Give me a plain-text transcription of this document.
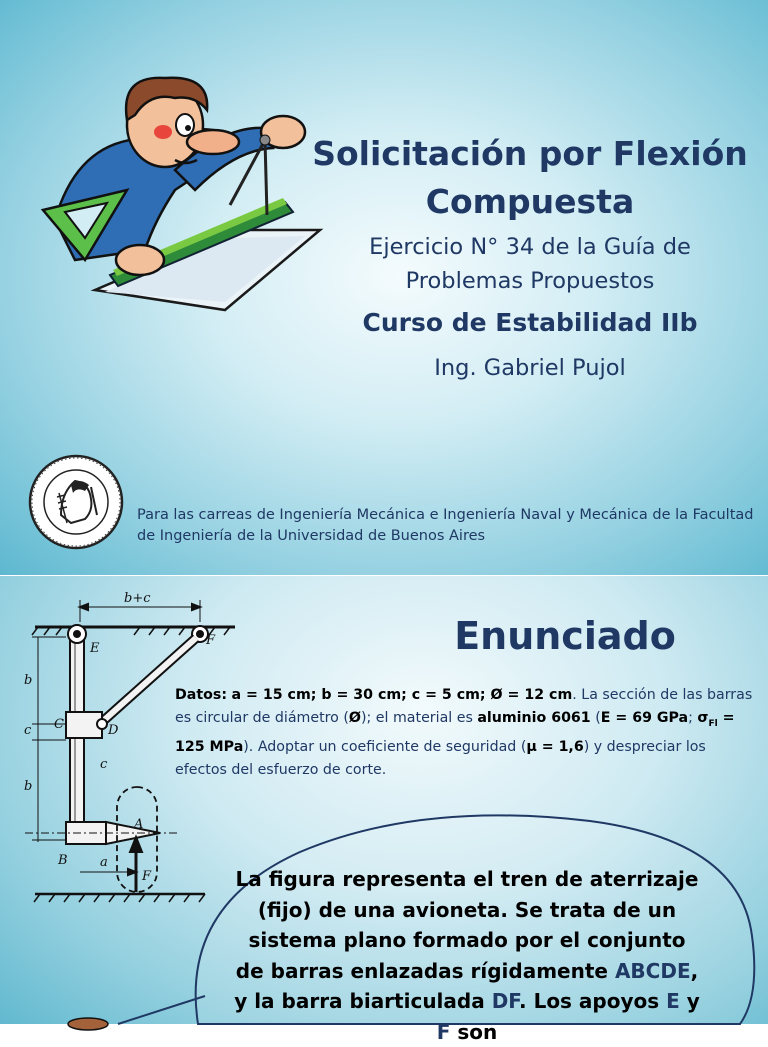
Solicitación por Flexión Compuesta
Ejercicio N° 34 de la Guía de Problemas Propuestos
Curso de Estabilidad IIb
Ing. Gabriel Pujol
Para las carreas de Ingeniería Mecánica e Ingeniería Naval y Mecánica de la Facultad de Ingeniería de la Universidad de Buenos Aires
b+c
b
c
b
a
E
F
C	D
A
B
F
c
Enunciado
Datos: a = 15 cm; b = 30 cm; c = 5 cm; Ø = 12 cm. La sección de las barras es circular de diámetro (Ø); el material es aluminio 6061 (E = 69 GPa; $\sigma_{Fl} = 125$ MPa). Adoptar un coeficiente de seguridad (μ = 1,6) y despreciar los efectos del esfuerzo de corte.
La figura representa el tren de aterrizaje (fijo) de una avioneta. Se trata de un sistema plano formado por el conjunto de barras enlazadas rígidamente ABCDE, y la barra biarticulada DF. Los apoyos E y F son
